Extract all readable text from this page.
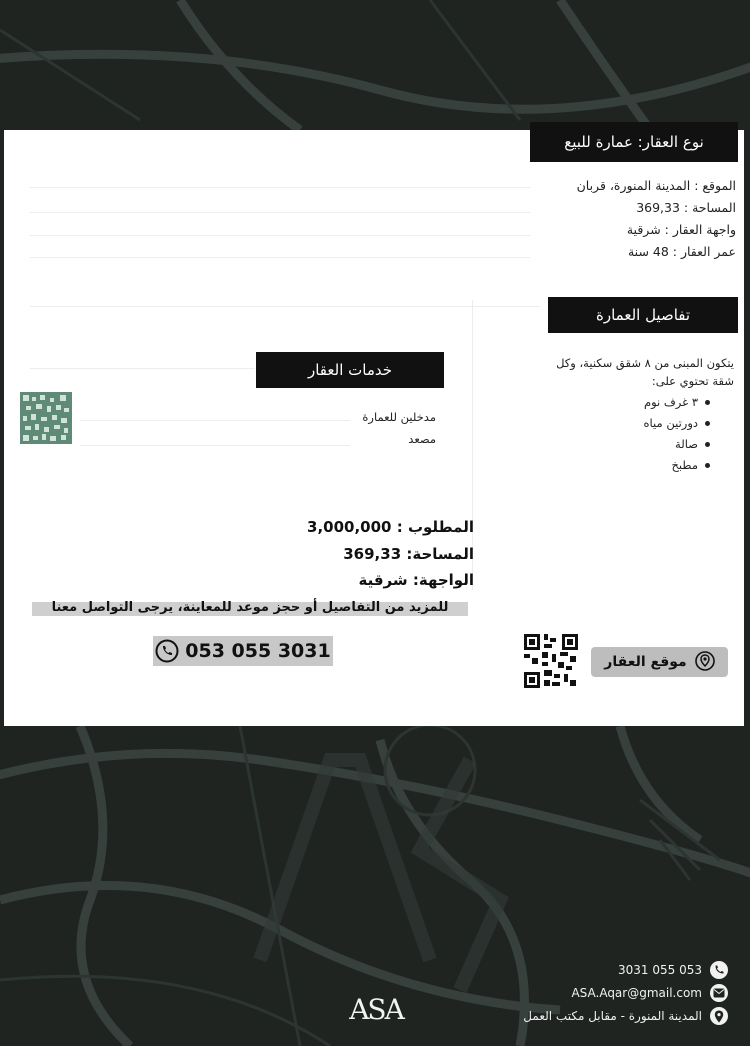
نوع العقار: عمارة للبيع
الموقع : المدينة المنورة، قربان
المساحة : 369,33
واجهة العقار : شرقية
عمر العقار : 48 سنة
تفاصيل العمارة
يتكون المبنى من ٨ شقق سكنية، وكل
شقة تحتوي على:
٣ غرف نوم
دورتين مياه
صالة
مطبخ
خدمات العقار
مدخلين للعمارة
مصعد
المطلوب : 3,000,000
المساحة: 369,33
الواجهة: شرقية
للمزيد من التفاصيل أو حجز موعد للمعاينة، يرجى التواصل معنا
053 055 3031	موقع العقار
053 055 3031
ASA.Aqar@gmail.com
المدينة المنورة - مقابل مكتب العمل
ASA
